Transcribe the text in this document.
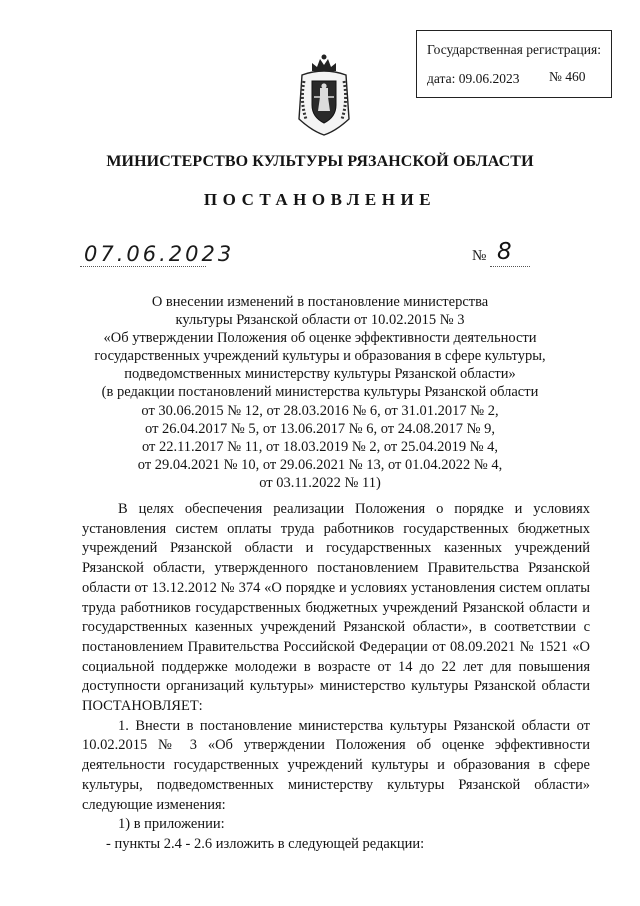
Государственная регистрация:
дата: 09.06.2023	№ 460
МИНИСТЕРСТВО КУЛЬТУРЫ РЯЗАНСКОЙ ОБЛАСТИ
ПОСТАНОВЛЕНИЕ
07.06.2023	№ 8
О внесении изменений в постановление министерства
культуры Рязанской области от 10.02.2015 № 3
«Об утверждении Положения об оценке эффективности деятельности
государственных учреждений культуры и образования в сфере культуры,
подведомственных министерству культуры Рязанской области»
(в редакции постановлений министерства культуры Рязанской области
от 30.06.2015 № 12, от 28.03.2016 № 6, от 31.01.2017 № 2,
от 26.04.2017 № 5, от 13.06.2017 № 6, от 24.08.2017 № 9,
от 22.11.2017 № 11, от 18.03.2019 № 2, от 25.04.2019 № 4,
от 29.04.2021 № 10, от 29.06.2021 № 13, от 01.04.2022 № 4,
от 03.11.2022 № 11)

В целях обеспечения реализации Положения о порядке и условиях установления систем оплаты труда работников государственных бюджетных учреждений Рязанской области и государственных казенных учреждений Рязанской области, утвержденного постановлением Правительства Рязанской области от 13.12.2012 № 374 «О порядке и условиях установления систем оплаты труда работников государственных бюджетных учреждений Рязанской области и государственных казенных учреждений Рязанской области», в соответствии с постановлением Правительства Российской Федерации от 08.09.2021 № 1521 «О социальной поддержке молодежи в возрасте от 14 до 22 лет для повышения доступности организаций культуры» министерство культуры Рязанской области ПОСТАНОВЛЯЕТ:

1. Внести в постановление министерства культуры Рязанской области от 10.02.2015 № 3 «Об утверждении Положения об оценке эффективности деятельности государственных учреждений культуры и образования в сфере культуры, подведомственных министерству культуры Рязанской области» следующие изменения:

1) в приложении:

- пункты 2.4 - 2.6 изложить в следующей редакции:
